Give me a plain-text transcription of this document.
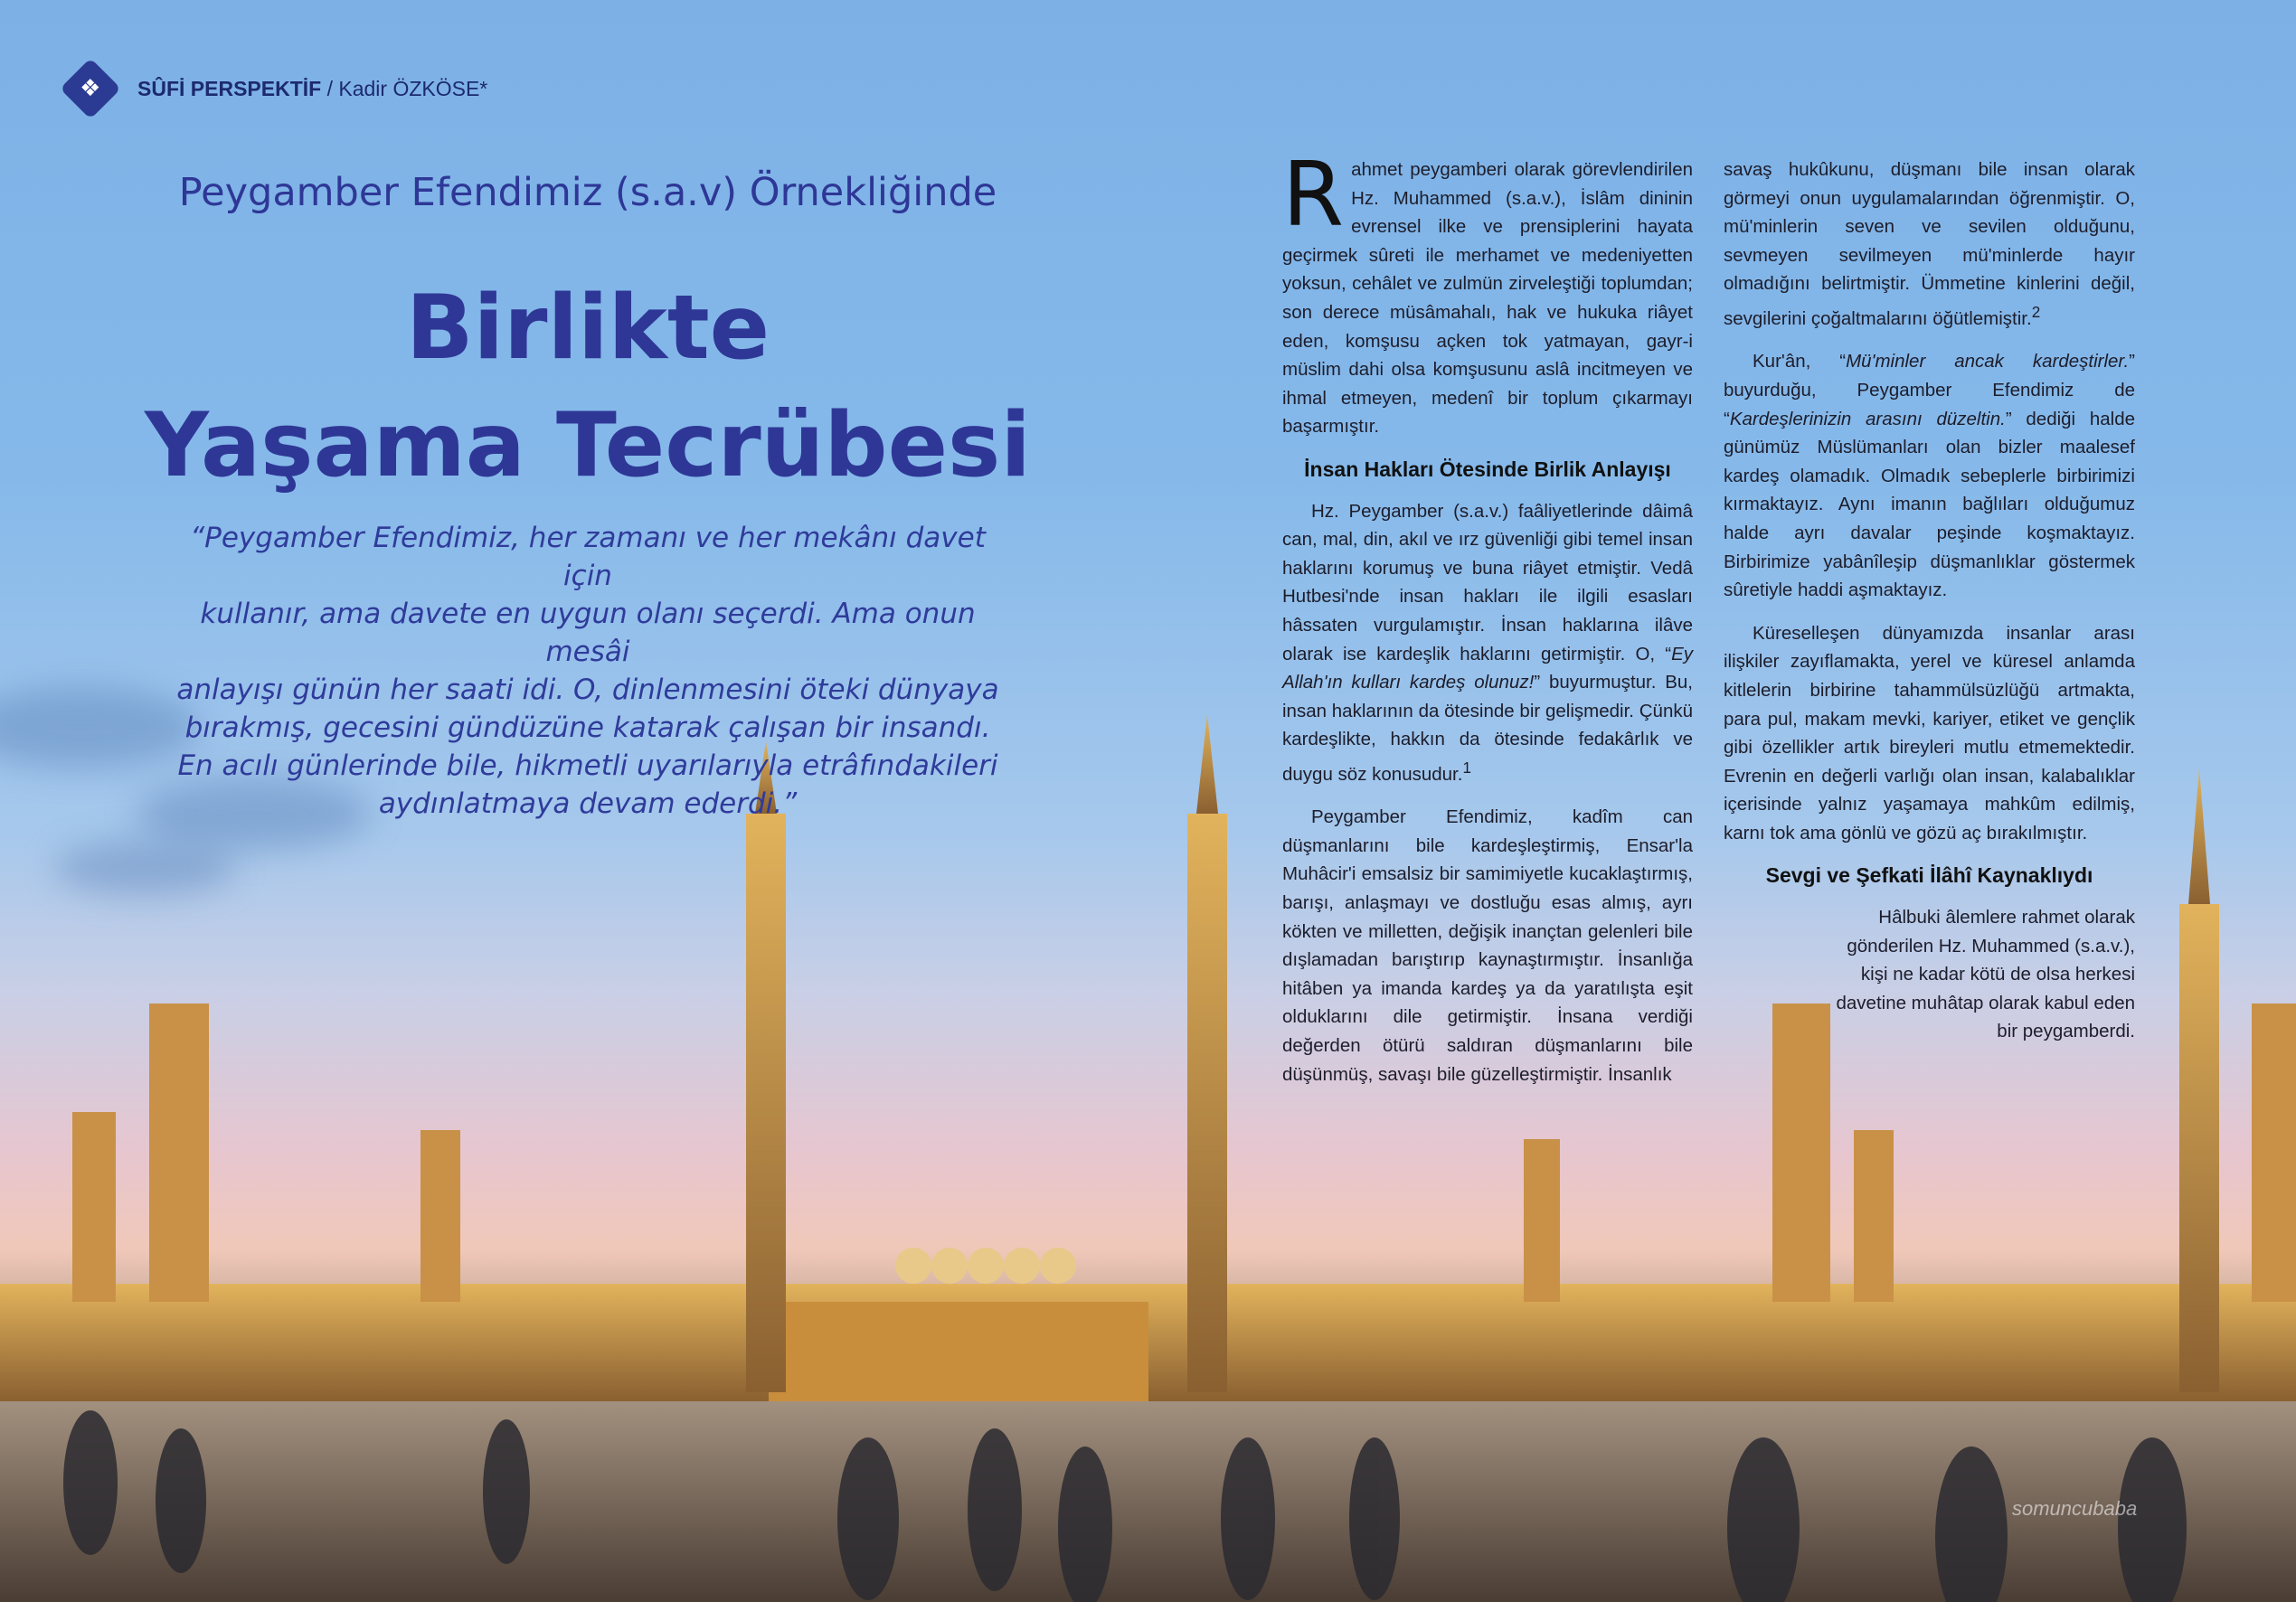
❖ SÛFİ PERSPEKTİF / Kadir ÖZKÖSE*
Peygamber Efendimiz (s.a.v) Örnekliğinde
Birlikte
Yaşama Tecrübesi
“Peygamber Efendimiz, her zamanı ve her mekânı davet için
kullanır, ama davete en uygun olanı seçerdi. Ama onun mesâi
anlayışı günün her saati idi. O, dinlenmesini öteki dünyaya
bırakmış, gecesini gündüzüne katarak çalışan bir insandı.
En acılı günlerinde bile, hikmetli uyarılarıyla etrâfındakileri
aydınlatmaya devam ederdi.”

Rahmet peygamberi olarak görevlendirilen Hz. Muhammed (s.a.v.), İslâm dininin evrensel ilke ve prensiplerini hayata geçirmek sûreti ile merhamet ve medeniyetten yoksun, cehâlet ve zulmün zirveleştiği toplumdan; son derece müsâmahalı, hak ve hukuka riâyet eden, komşusu açken tok yatmayan, gayr-i müslim dahi olsa komşusunu aslâ incitmeyen ve ihmal etmeyen, medenî bir toplum çıkarmayı başarmıştır.

İnsan Hakları Ötesinde Birlik Anlayışı

Hz. Peygamber (s.a.v.) faâliyetlerinde dâimâ can, mal, din, akıl ve ırz güvenliği gibi temel insan haklarını korumuş ve buna riâyet etmiştir. Vedâ Hutbesi'nde insan hakları ile ilgili esasları hâssaten vurgulamıştır. İnsan haklarına ilâve olarak ise kardeşlik haklarını getirmiştir. O, “Ey Allah'ın kulları kardeş olunuz!” buyurmuştur. Bu, insan haklarının da ötesinde bir gelişmedir. Çünkü kardeşlikte, hakkın da ötesinde fedakârlık ve duygu söz konusudur.$^1$

Peygamber Efendimiz, kadîm can düşmanlarını bile kardeşleştirmiş, Ensar'la Muhâcir'i emsalsiz bir samimiyetle kucaklaştırmış, barışı, anlaşmayı ve dostluğu esas almış, ayrı kökten ve milletten, değişik inançtan gelenleri bile dışlamadan barıştırıp kaynaştırmıştır. İnsanlığa hitâben ya imanda kardeş ya da yaratılışta eşit olduklarını dile getirmiştir. İnsana verdiği değerden ötürü saldıran düşmanlarını bile düşünmüş, savaşı bile güzelleştirmiştir. İnsanlık

savaş hukûkunu, düşmanı bile insan olarak görmeyi onun uygulamalarından öğrenmiştir. O, mü'minlerin seven ve sevilen olduğunu, sevmeyen sevilmeyen mü'minlerde hayır olmadığını belirtmiştir. Ümmetine kinlerini değil, sevgilerini çoğaltmalarını öğütlemiştir.$^2$

Kur'ân, “Mü'minler ancak kardeştirler.” buyurduğu, Peygamber Efendimiz de “Kardeşlerinizin arasını düzeltin.” dediği halde günümüz Müslümanları olan bizler maalesef kardeş olamadık. Olmadık sebeplerle birbirimizi kırmaktayız. Aynı imanın bağlıları olduğumuz halde ayrı davalar peşinde koşmaktayız. Birbirimize yabânîleşip düşmanlıklar göstermek sûretiyle haddi aşmaktayız.

Küreselleşen dünyamızda insanlar arası ilişkiler zayıflamakta, yerel ve küresel anlamda kitlelerin birbirine tahammülsüzlüğü artmakta, para pul, makam mevki, kariyer, etiket ve gençlik gibi özellikler artık bireyleri mutlu etmemektedir. Evrenin en değerli varlığı olan insan, kalabalıklar içerisinde yalnız yaşamaya mahkûm edilmiş, karnı tok ama gönlü ve gözü aç bırakılmıştır.

Sevgi ve Şefkati İlâhî Kaynaklıydı

Hâlbuki âlemlere rahmet olarak gönderilen Hz. Muhammed (s.a.v.), kişi ne kadar kötü de olsa herkesi davetine muhâtap olarak kabul eden bir peygamberdi.

somuncubaba
